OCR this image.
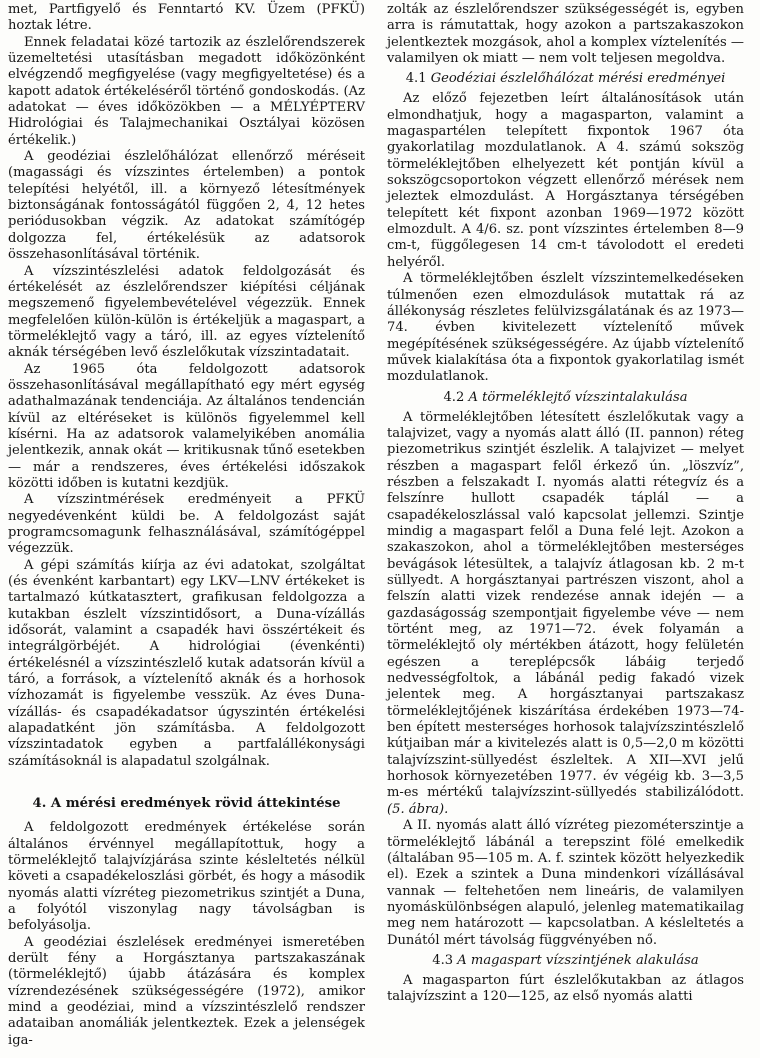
met, Partfigyelő és Fenntartó KV. Üzem (PFKÜ) hoztak létre.

Ennek feladatai közé tartozik az észlelőrendszerek üzemeltetési utasításban megadott időközönként elvégzendő megfigyelése (vagy megfigyeltetése) és a kapott adatok értékeléséről történő gondoskodás. (Az adatokat — éves időközökben — a MÉLYÉPTERV Hidrológiai és Talajmechanikai Osztályai közösen értékelik.)

A geodéziai észlelőhálózat ellenőrző méréseit (magassági és vízszintes értelemben) a pontok telepítési helyétől, ill. a környező létesítmények biztonságának fontosságától függően 2, 4, 12 hetes periódusokban végzik. Az adatokat számítógép dolgozza fel, értékelésük az adatsorok összehasonlításával történik.

A vízszintészlelési adatok feldolgozását és értékelését az észlelőrendszer kiépítési céljának megszemenő figyelembevételével végezzük. Ennek megfelelően külön-külön is értékeljük a magaspart, a törmeléklejtő vagy a táró, ill. az egyes víztelenítő aknák térségében levő észlelőkutak vízszintadatait.

Az 1965 óta feldolgozott adatsorok összehasonlításával megállapítható egy mért egység adathalmazának tendenciája. Az általános tendencián kívül az eltéréseket is különös figyelemmel kell kísérni. Ha az adatsorok valamelyikében anomália jelentkezik, annak okát — kritikusnak tűnő esetekben — már a rendszeres, éves értékelési időszakok közötti időben is kutatni kezdjük.

A vízszintmérések eredményeit a PFKÜ negyedévenként küldi be. A feldolgozást saját programcsomagunk felhasználásával, számítógéppel végezzük.

A gépi számítás kiírja az évi adatokat, szolgáltat (és évenként karbantart) egy LKV—LNV értékeket is tartalmazó kútkatasztert, grafikusan feldolgozza a kutakban észlelt vízszintidősort, a Duna-vízállás idősorát, valamint a csapadék havi összértékeit és integrálgörbéjét. A hidrológiai (évenkénti) értékelésnél a vízszintészlelő kutak adatsorán kívül a táró, a források, a víztelenítő aknák és a horhosok vízhozamát is figyelembe vesszük. Az éves Duna-vízállás- és csapadékadatsor úgyszintén értékelési alapadatként jön számításba. A feldolgozott vízszintadatok egyben a partfalállékonysági számításoknál is alapadatul szolgálnak.

4. A mérési eredmények rövid áttekintése

A feldolgozott eredmények értékelése során általános érvénnyel megállapítottuk, hogy a törmeléklejtő talajvízjárása szinte késleltetés nélkül követi a csapadékeloszlási görbét, és hogy a második nyomás alatti vízréteg piezometrikus szintjét a Duna, a folyótól viszonylag nagy távolságban is befolyásolja.

A geodéziai észlelések eredményei ismeretében derült fény a Horgásztanya partszakaszának (törmeléklejtő) újabb átázására és komplex vízrendezésének szükségességére (1972), amikor mind a geodéziai, mind a vízszintészlelő rendszer adataiban anomáliák jelentkeztek. Ezek a jelenségek iga-

zolták az észlelőrendszer szükségességét is, egyben arra is rámutattak, hogy azokon a partszakaszokon jelentkeztek mozgások, ahol a komplex víztelenítés — valamilyen ok miatt — nem volt teljesen megoldva.

4.1 Geodéziai észlelőhálózat mérési eredményei

Az előző fejezetben leírt általánosítások után elmondhatjuk, hogy a magasparton, valamint a magaspartélen telepített fixpontok 1967 óta gyakorlatilag mozdulatlanok. A 4. számú sokszög törmeléklejtőben elhelyezett két pontján kívül a sokszögcsoportokon végzett ellenőrző mérések nem jeleztek elmozdulást. A Horgásztanya térségében telepített két fixpont azonban 1969—1972 között elmozdult. A 4/6. sz. pont vízszintes értelemben 8—9 cm-t, függőlegesen 14 cm-t távolodott el eredeti helyéről.

A törmeléklejtőben észlelt vízszintemelkedéseken túlmenően ezen elmozdulások mutattak rá az állékonyság részletes felülvizsgálatának és az 1973—74. évben kivitelezett víztelenítő művek megépítésének szükségességére. Az újabb víztelenítő művek kialakítása óta a fixpontok gyakorlatilag ismét mozdulatlanok.

4.2 A törmeléklejtő vízszintalakulása

A törmeléklejtőben létesített észlelőkutak vagy a talajvizet, vagy a nyomás alatt álló (II. pannon) réteg piezometrikus szintjét észlelik. A talajvizet — melyet részben a magaspart felől érkező ún. „löszvíz”, részben a felszakadt I. nyomás alatti rétegvíz és a felszínre hullott csapadék táplál — a csapadékeloszlással való kapcsolat jellemzi. Szintje mindig a magaspart felől a Duna felé lejt. Azokon a szakaszokon, ahol a törmeléklejtőben mesterséges bevágások létesültek, a talajvíz átlagosan kb. 2 m-t süllyedt. A horgásztanyai partrészen viszont, ahol a felszín alatti vizek rendezése annak idején — a gazdaságosság szempontjait figyelembe véve — nem történt meg, az 1971—72. évek folyamán a törmeléklejtő oly mértékben átázott, hogy felületén egészen a tereplépcsők lábáig terjedő nedvességfoltok, a lábánál pedig fakadó vizek jelentek meg. A horgásztanyai partszakasz törmeléklejtőjének kiszárítása érdekében 1973—74-ben épített mesterséges horhosok talajvízszintészlelő kútjaiban már a kivitelezés alatt is 0,5—2,0 m közötti talajvízszint-süllyedést észleltek. A XII—XVI jelű horhosok környezetében 1977. év végéig kb. 3—3,5 m-es mértékű talajvízszint-süllyedés stabilizálódott. (5. ábra).

A II. nyomás alatt álló vízréteg piezométerszintje a törmeléklejtő lábánál a terepszint fölé emelkedik (általában 95—105 m. A. f. szintek között helyezkedik el). Ezek a szintek a Duna mindenkori vízállásával vannak — feltehetően nem lineáris, de valamilyen nyomáskülönbségen alapuló, jelenleg matematikailag meg nem határozott — kapcsolatban. A késleltetés a Dunától mért távolság függvényében nő.

4.3 A magaspart vízszintjének alakulása

A magasparton fúrt észlelőkutakban az átlagos talajvízszint a 120—125, az első nyomás alatti
